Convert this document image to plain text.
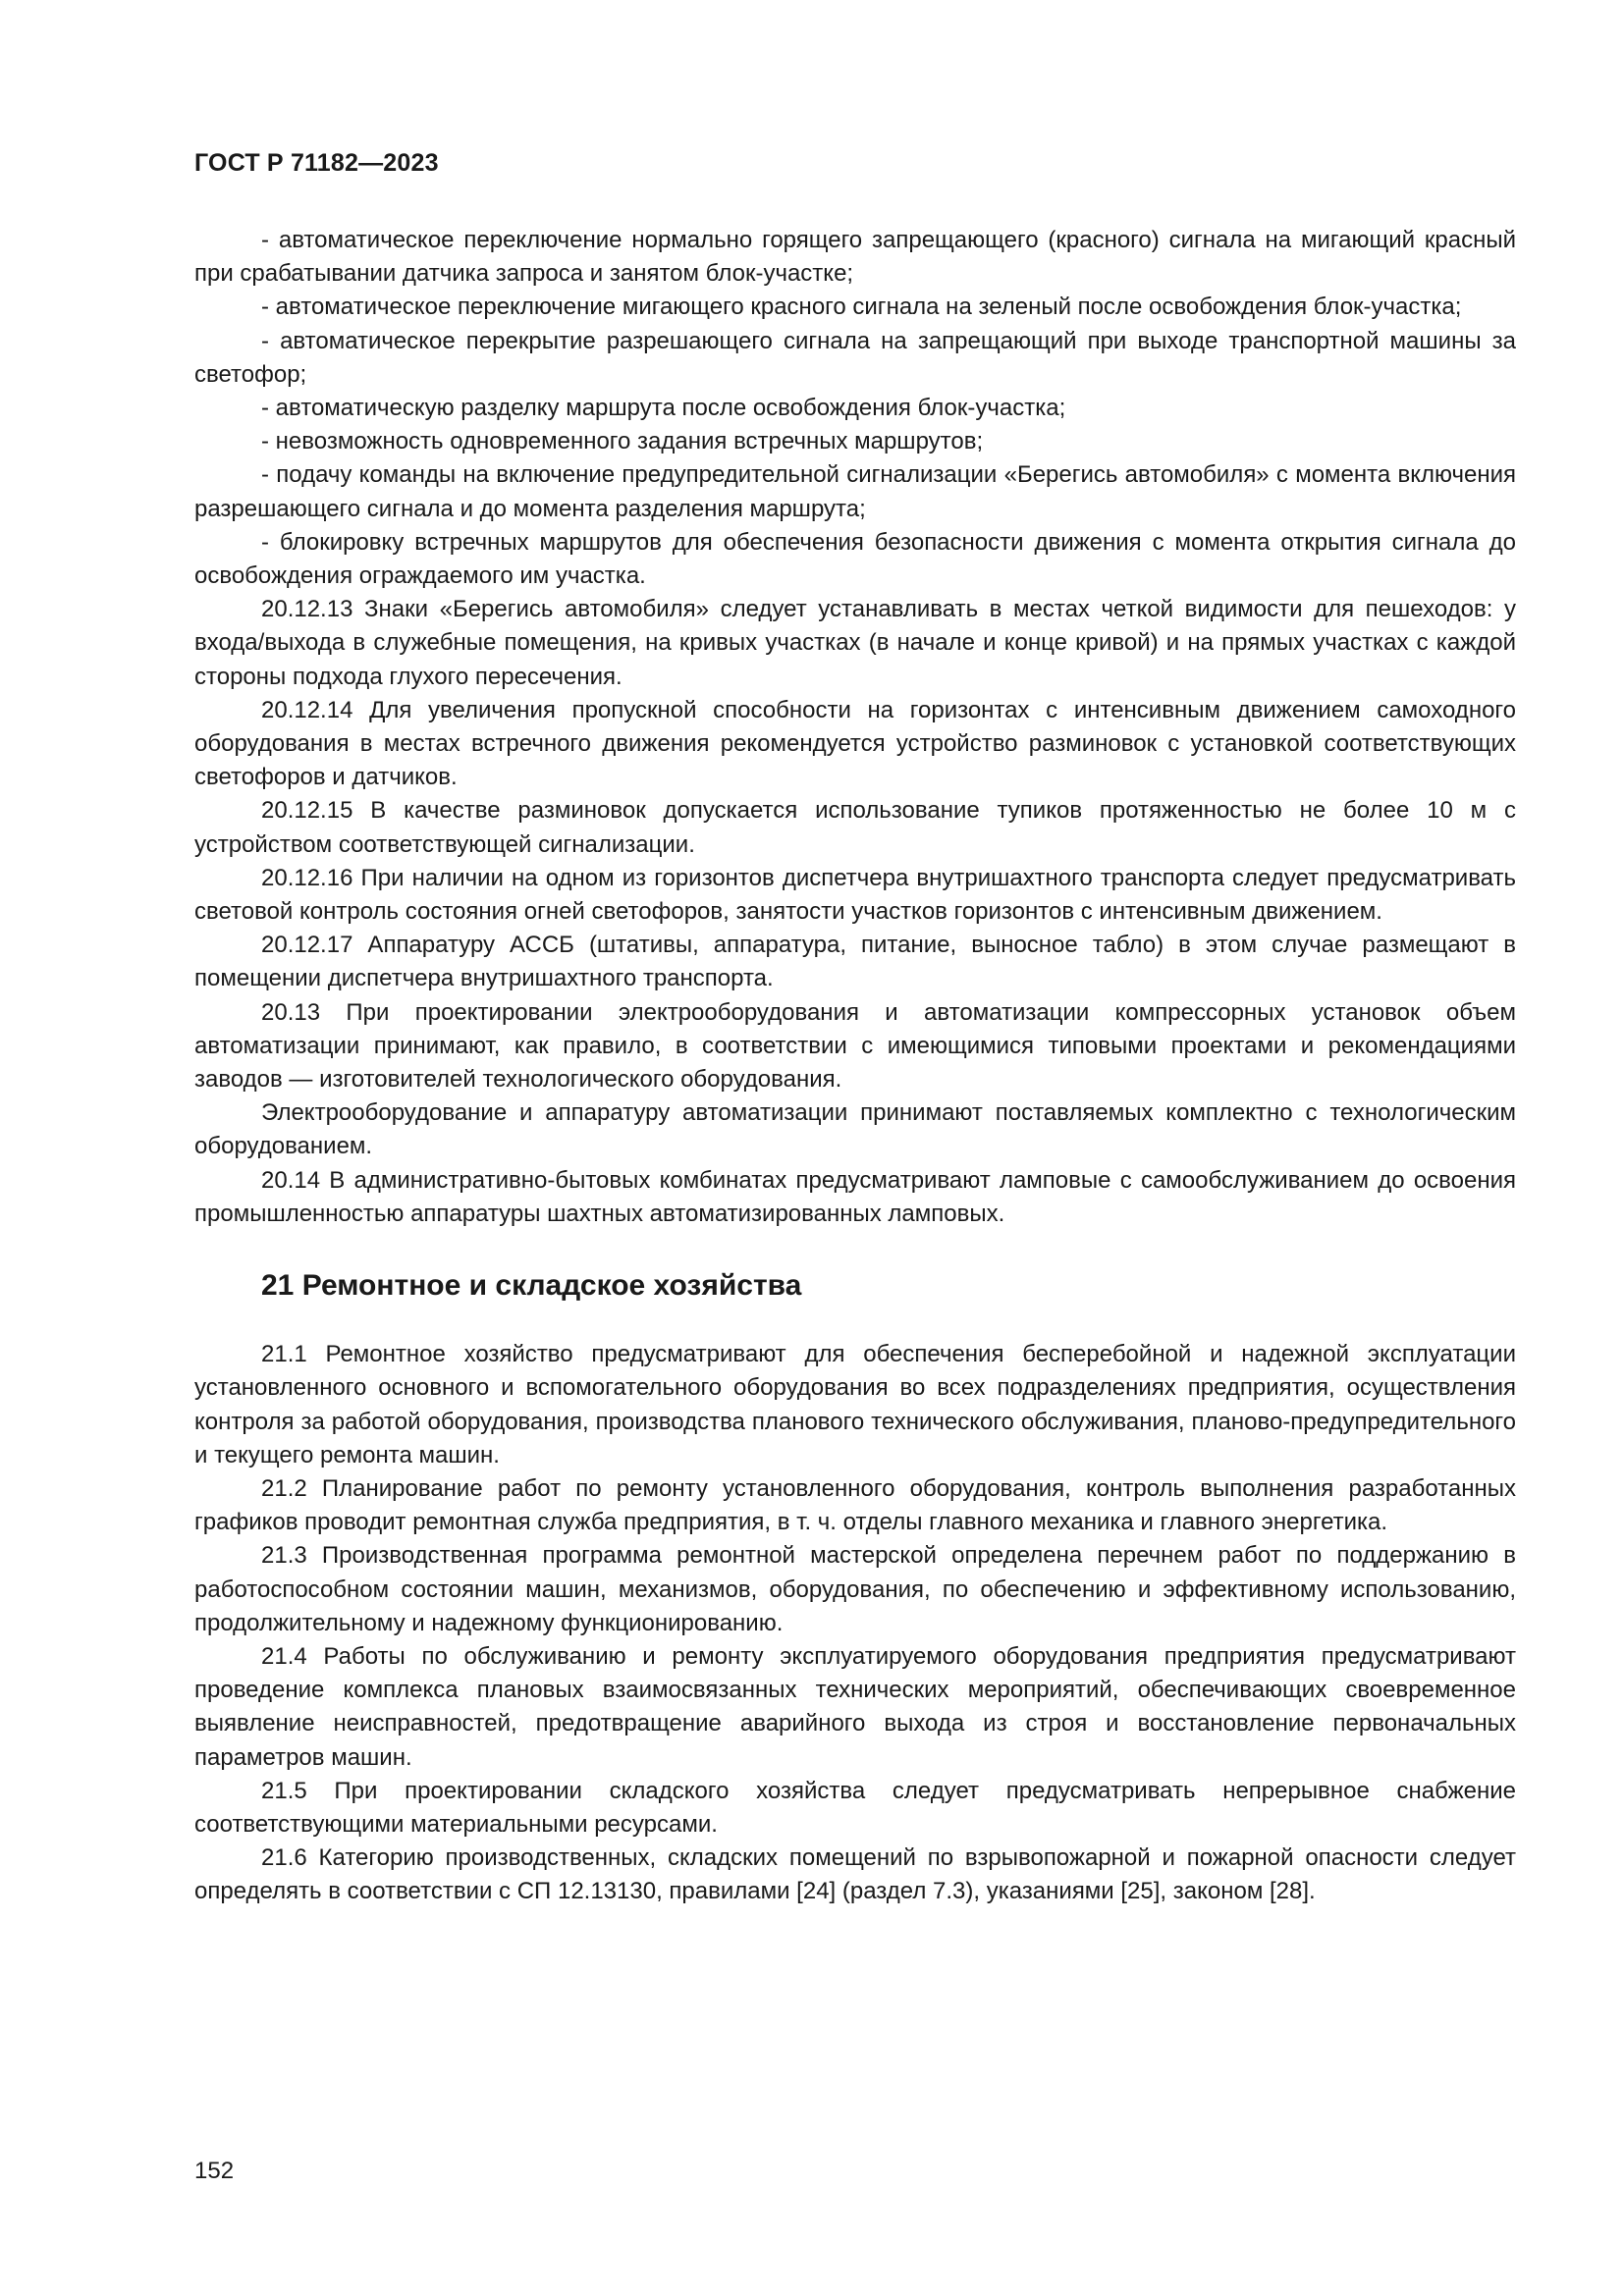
ГОСТ Р 71182—2023

- автоматическое переключение нормально горящего запрещающего (красного) сигнала на мигающий красный при срабатывании датчика запроса и занятом блок-участке;

- автоматическое переключение мигающего красного сигнала на зеленый после освобождения блок-участка;

- автоматическое перекрытие разрешающего сигнала на запрещающий при выходе транспортной машины за светофор;

- автоматическую разделку маршрута после освобождения блок-участка;

- невозможность одновременного задания встречных маршрутов;

- подачу команды на включение предупредительной сигнализации «Берегись автомобиля» с момента включения разрешающего сигнала и до момента разделения маршрута;

- блокировку встречных маршрутов для обеспечения безопасности движения с момента открытия сигнала до освобождения ограждаемого им участка.

20.12.13 Знаки «Берегись автомобиля» следует устанавливать в местах четкой видимости для пешеходов: у входа/выхода в служебные помещения, на кривых участках (в начале и конце кривой) и на прямых участках с каждой стороны подхода глухого пересечения.

20.12.14 Для увеличения пропускной способности на горизонтах с интенсивным движением самоходного оборудования в местах встречного движения рекомендуется устройство разминовок с установкой соответствующих светофоров и датчиков.

20.12.15 В качестве разминовок допускается использование тупиков протяженностью не более 10 м с устройством соответствующей сигнализации.

20.12.16 При наличии на одном из горизонтов диспетчера внутришахтного транспорта следует предусматривать световой контроль состояния огней светофоров, занятости участков горизонтов с интенсивным движением.

20.12.17 Аппаратуру АССБ (штативы, аппаратура, питание, выносное табло) в этом случае размещают в помещении диспетчера внутришахтного транспорта.

20.13 При проектировании электрооборудования и автоматизации компрессорных установок объем автоматизации принимают, как правило, в соответствии с имеющимися типовыми проектами и рекомендациями заводов — изготовителей технологического оборудования.

Электрооборудование и аппаратуру автоматизации принимают поставляемых комплектно с технологическим оборудованием.

20.14 В административно-бытовых комбинатах предусматривают ламповые с самообслуживанием до освоения промышленностью аппаратуры шахтных автоматизированных ламповых.

21 Ремонтное и складское хозяйства

21.1 Ремонтное хозяйство предусматривают для обеспечения бесперебойной и надежной эксплуатации установленного основного и вспомогательного оборудования во всех подразделениях предприятия, осуществления контроля за работой оборудования, производства планового технического обслуживания, планово-предупредительного и текущего ремонта машин.

21.2 Планирование работ по ремонту установленного оборудования, контроль выполнения разработанных графиков проводит ремонтная служба предприятия, в т. ч. отделы главного механика и главного энергетика.

21.3 Производственная программа ремонтной мастерской определена перечнем работ по поддержанию в работоспособном состоянии машин, механизмов, оборудования, по обеспечению и эффективному использованию, продолжительному и надежному функционированию.

21.4 Работы по обслуживанию и ремонту эксплуатируемого оборудования предприятия предусматривают проведение комплекса плановых взаимосвязанных технических мероприятий, обеспечивающих своевременное выявление неисправностей, предотвращение аварийного выхода из строя и восстановление первоначальных параметров машин.

21.5 При проектировании складского хозяйства следует предусматривать непрерывное снабжение соответствующими материальными ресурсами.

21.6 Категорию производственных, складских помещений по взрывопожарной и пожарной опасности следует определять в соответствии с СП 12.13130, правилами [24] (раздел 7.3), указаниями [25], законом [28].

152
